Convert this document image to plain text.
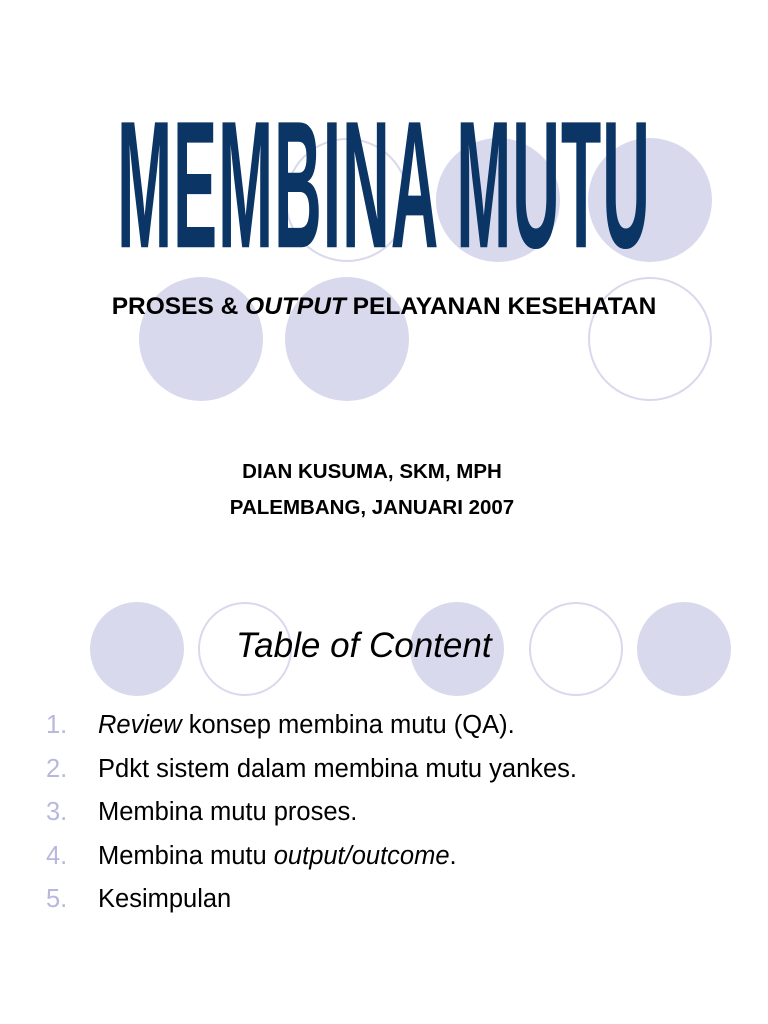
MEMBINA MUTU
PROSES & OUTPUT PELAYANAN KESEHATAN
DIAN KUSUMA, SKM, MPH
PALEMBANG, JANUARI 2007
Table of Content
1.	Review konsep membina mutu (QA).
2.	Pdkt sistem dalam membina mutu yankes.
3.	Membina mutu proses.
4.	Membina mutu output/outcome.
5.	Kesimpulan
